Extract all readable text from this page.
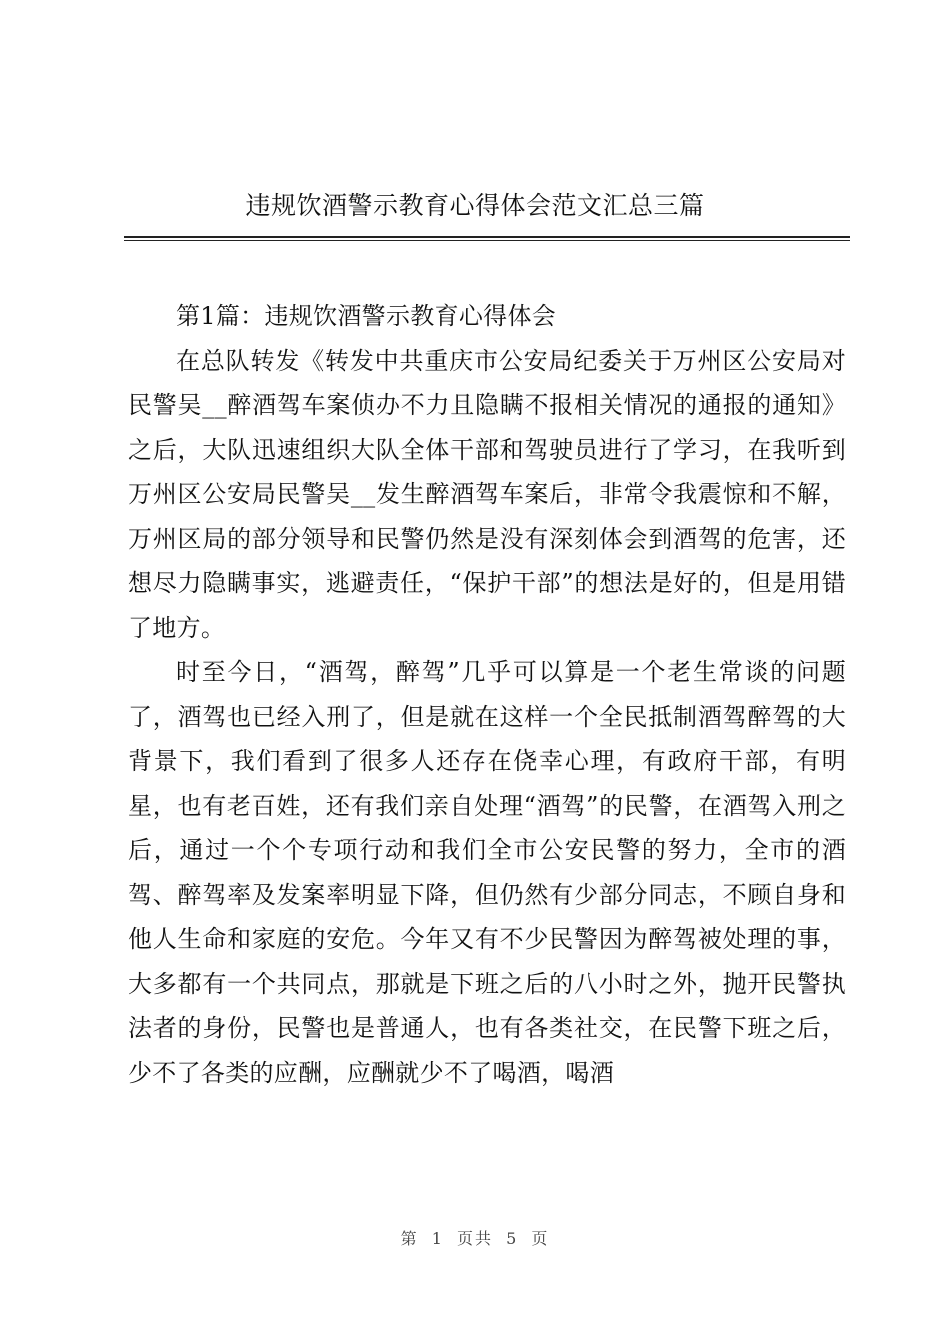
违规饮酒警示教育心得体会范文汇总三篇

第1篇：违规饮酒警示教育心得体会

在总队转发《转发中共重庆市公安局纪委关于万州区公安局对民警吴__醉酒驾车案侦办不力且隐瞒不报相关情况的通报的通知》之后，大队迅速组织大队全体干部和驾驶员进行了学习，在我听到万州区公安局民警吴__发生醉酒驾车案后，非常令我震惊和不解，万州区局的部分领导和民警仍然是没有深刻体会到酒驾的危害，还想尽力隐瞒事实，逃避责任，“保护干部”的想法是好的，但是用错了地方。

时至今日，“酒驾，醉驾”几乎可以算是一个老生常谈的问题了，酒驾也已经入刑了，但是就在这样一个全民抵制酒驾醉驾的大背景下，我们看到了很多人还存在侥幸心理，有政府干部，有明星，也有老百姓，还有我们亲自处理“酒驾”的民警，在酒驾入刑之后，通过一个个专项行动和我们全市公安民警的努力，全市的酒驾、醉驾率及发案率明显下降，但仍然有少部分同志，不顾自身和他人生命和家庭的安危。今年又有不少民警因为醉驾被处理的事，大多都有一个共同点，那就是下班之后的八小时之外，抛开民警执法者的身份，民警也是普通人，也有各类社交，在民警下班之后，少不了各类的应酬，应酬就少不了喝酒，喝酒

第 1 页共 5 页
